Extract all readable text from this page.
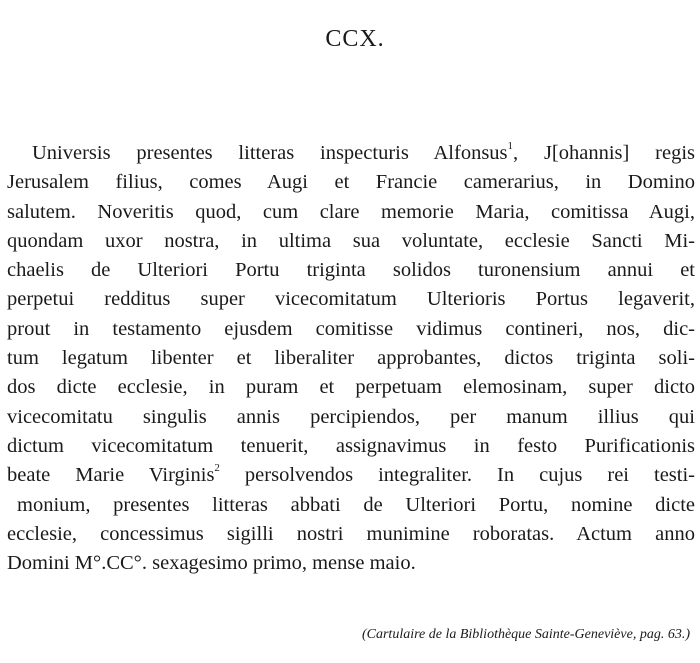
CCX.
Universis presentes litteras inspecturis Alfonsus$^1$, J[ohannis] regis
Jerusalem filius, comes Augi et Francie camerarius, in Domino
salutem. Noveritis quod, cum clare memorie Maria, comitissa Augi,
quondam uxor nostra, in ultima sua voluntate, ecclesie Sancti Mi-
chaelis de Ulteriori Portu triginta solidos turonensium annui et
perpetui redditus super vicecomitatum Ulterioris Portus legaverit,
prout in testamento ejusdem comitisse vidimus contineri, nos, dic-
tum legatum libenter et liberaliter approbantes, dictos triginta soli-
dos dicte ecclesie, in puram et perpetuam elemosinam, super dicto
vicecomitatu singulis annis percipiendos, per manum illius qui
dictum vicecomitatum tenuerit, assignavimus in festo Purificationis
beate Marie Virginis$^2$ persolvendos integraliter. In cujus rei testi-
monium, presentes litteras abbati de Ulteriori Portu, nomine dicte
ecclesie, concessimus sigilli nostri munimine roboratas. Actum anno
Domini M°.CC°. sexagesimo primo, mense maio.
(Cartulaire de la Bibliothèque Sainte-Geneviève, pag. 63.)
